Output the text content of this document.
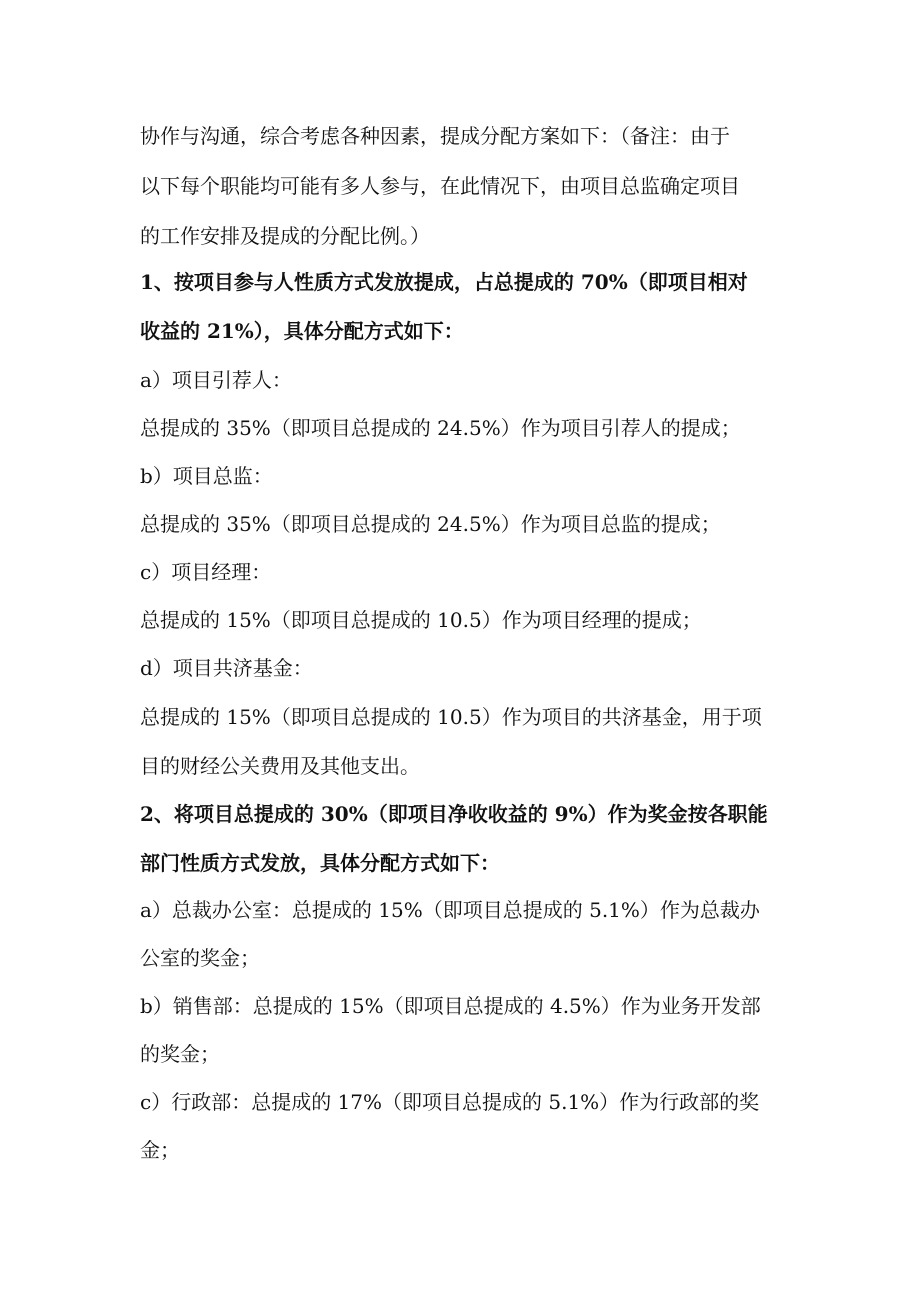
协作与沟通，综合考虑各种因素，提成分配方案如下：（备注：由于
以下每个职能均可能有多人参与，在此情况下，由项目总监确定项目
的工作安排及提成的分配比例。）
1、按项目参与人性质方式发放提成，占总提成的 70%（即项目相对
收益的 21%），具体分配方式如下：
a）项目引荐人：
总提成的 35%（即项目总提成的 24.5%）作为项目引荐人的提成；
b）项目总监：
总提成的 35%（即项目总提成的 24.5%）作为项目总监的提成；
c）项目经理：
总提成的 15%（即项目总提成的 10.5）作为项目经理的提成；
d）项目共济基金：
总提成的 15%（即项目总提成的 10.5）作为项目的共济基金，用于项
目的财经公关费用及其他支出。
2、将项目总提成的 30%（即项目净收收益的 9%）作为奖金按各职能
部门性质方式发放，具体分配方式如下：
a）总裁办公室：总提成的 15%（即项目总提成的 5.1%）作为总裁办
公室的奖金；
b）销售部：总提成的 15%（即项目总提成的 4.5%）作为业务开发部
的奖金；
c）行政部：总提成的 17%（即项目总提成的 5.1%）作为行政部的奖
金；
